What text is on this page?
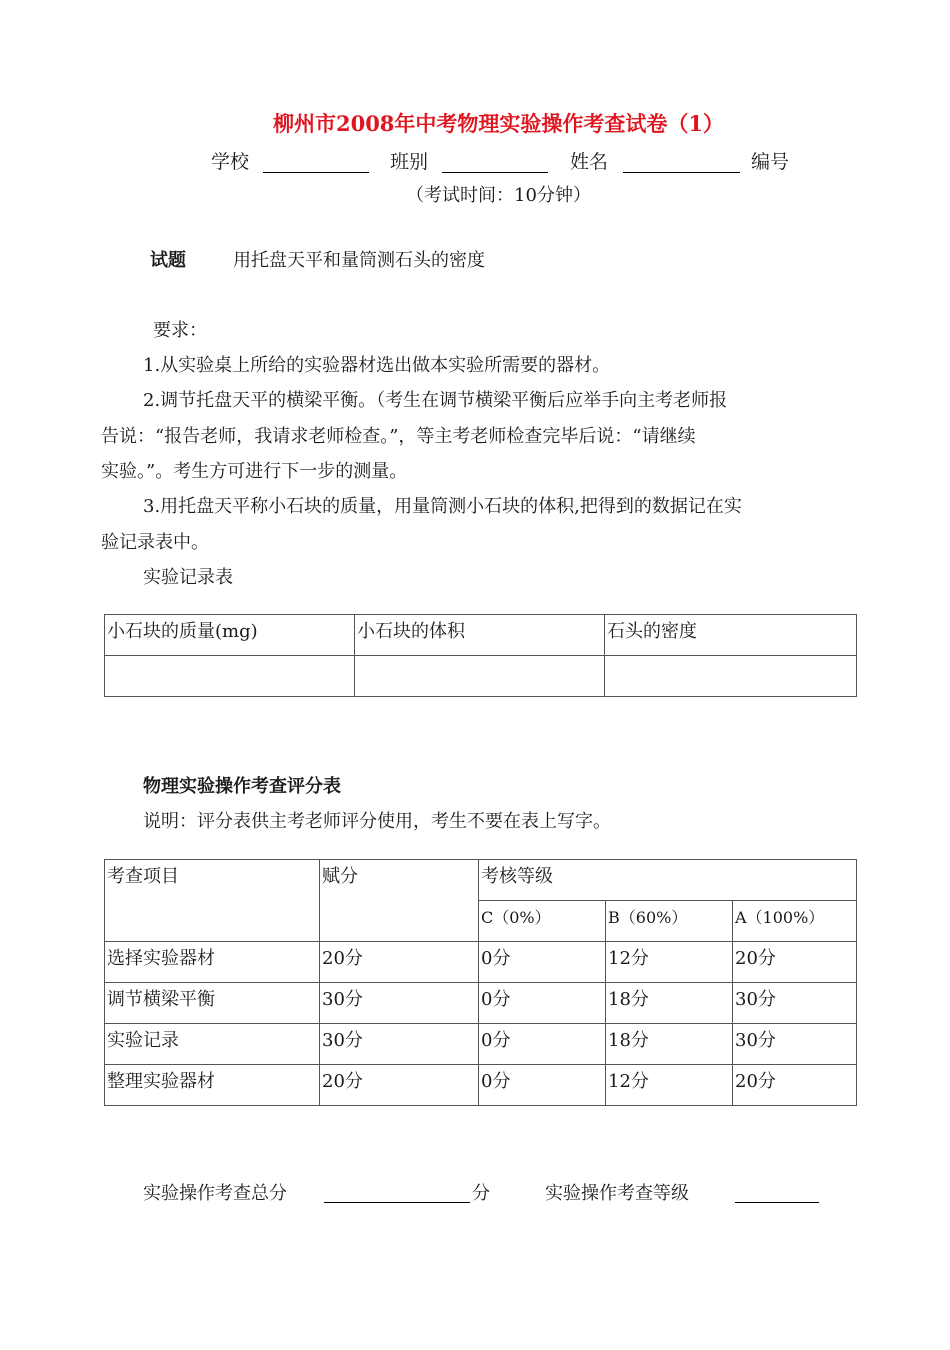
柳州市2008年中考物理实验操作考查试卷（1）
学校	班别	姓名	编号
（考试时间：10分钟）
试题	用托盘天平和量筒测石头的密度
要求：
1.从实验桌上所给的实验器材选出做本实验所需要的器材。
2.调节托盘天平的横梁平衡。（考生在调节横梁平衡后应举手向主考老师报
告说：“报告老师，我请求老师检查。”，等主考老师检查完毕后说：“请继续
实验。”。考生方可进行下一步的测量。
3.用托盘天平称小石块的质量，用量筒测小石块的体积,把得到的数据记在实
验记录表中。
实验记录表
小石块的质量(mg)	小石块的体积	石头的密度

物理实验操作考查评分表
说明：评分表供主考老师评分使用，考生不要在表上写字。
考查项目	赋分	考核等级		
		C（0%）	B（60%）	A（100%）
选择实验器材	20分	0分	12分	20分
调节横梁平衡	30分	0分	18分	30分
实验记录	30分	0分	18分	30分
整理实验器材	20分	0分	12分	20分
实验操作考查总分	分	实验操作考查等级
